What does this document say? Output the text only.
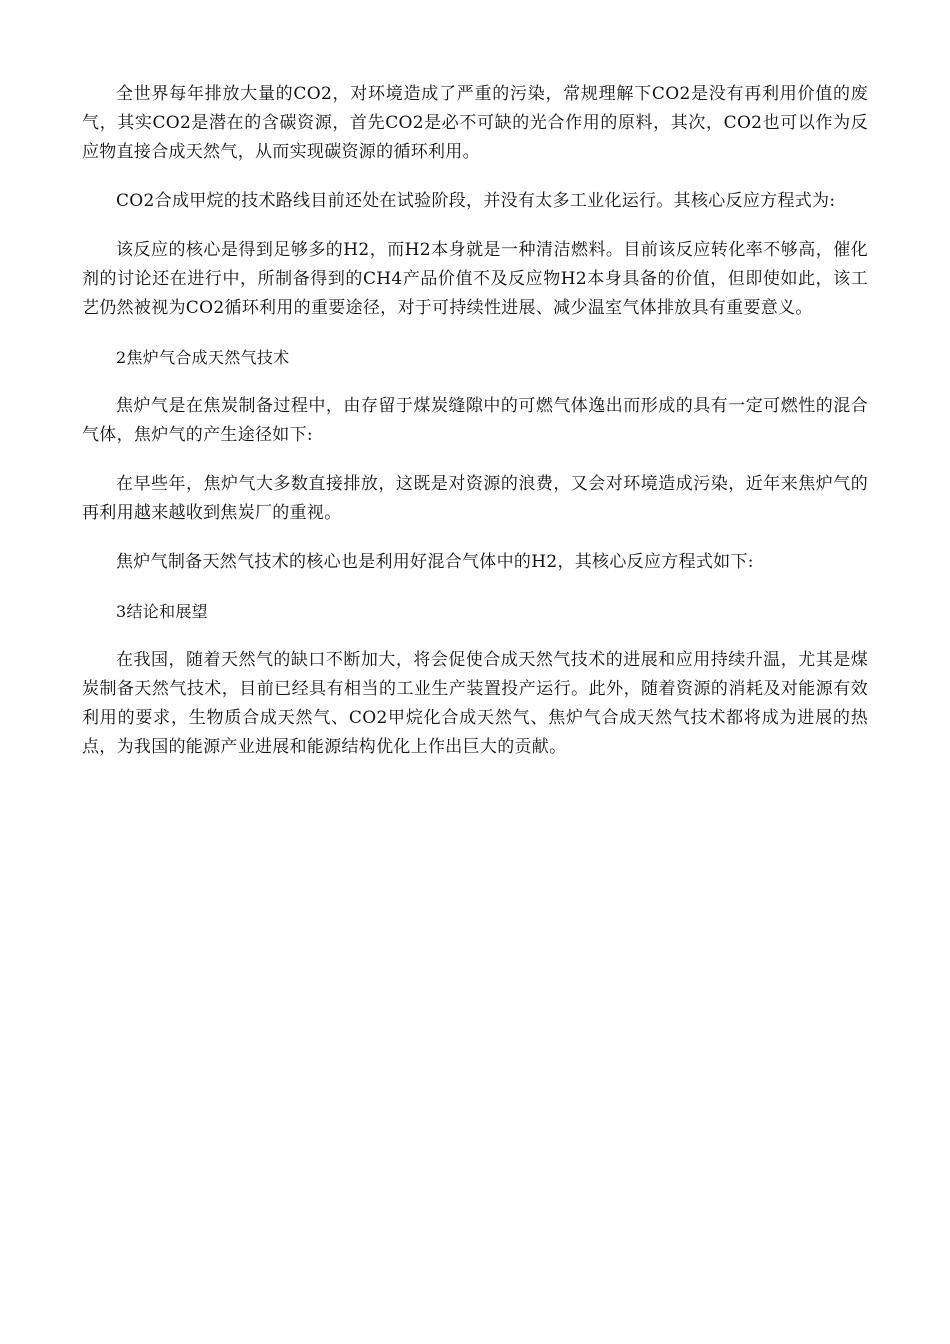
全世界每年排放大量的CO2，对环境造成了严重的污染，常规理解下CO2是没有再利用价值的废气，其实CO2是潜在的含碳资源，首先CO2是必不可缺的光合作用的原料，其次，CO2也可以作为反应物直接合成天然气，从而实现碳资源的循环利用。

CO2合成甲烷的技术路线目前还处在试验阶段，并没有太多工业化运行。其核心反应方程式为:

该反应的核心是得到足够多的H2，而H2本身就是一种清洁燃料。目前该反应转化率不够高，催化剂的讨论还在进行中，所制备得到的CH4产品价值不及反应物H2本身具备的价值，但即使如此，该工艺仍然被视为CO2循环利用的重要途径，对于可持续性进展、减少温室气体排放具有重要意义。

2焦炉气合成天然气技术

焦炉气是在焦炭制备过程中，由存留于煤炭缝隙中的可燃气体逸出而形成的具有一定可燃性的混合气体，焦炉气的产生途径如下:

在早些年，焦炉气大多数直接排放，这既是对资源的浪费，又会对环境造成污染，近年来焦炉气的再利用越来越收到焦炭厂的重视。

焦炉气制备天然气技术的核心也是利用好混合气体中的H2，其核心反应方程式如下:

3结论和展望

在我国，随着天然气的缺口不断加大，将会促使合成天然气技术的进展和应用持续升温，尤其是煤炭制备天然气技术，目前已经具有相当的工业生产装置投产运行。此外，随着资源的消耗及对能源有效利用的要求，生物质合成天然气、CO2甲烷化合成天然气、焦炉气合成天然气技术都将成为进展的热点，为我国的能源产业进展和能源结构优化上作出巨大的贡献。
